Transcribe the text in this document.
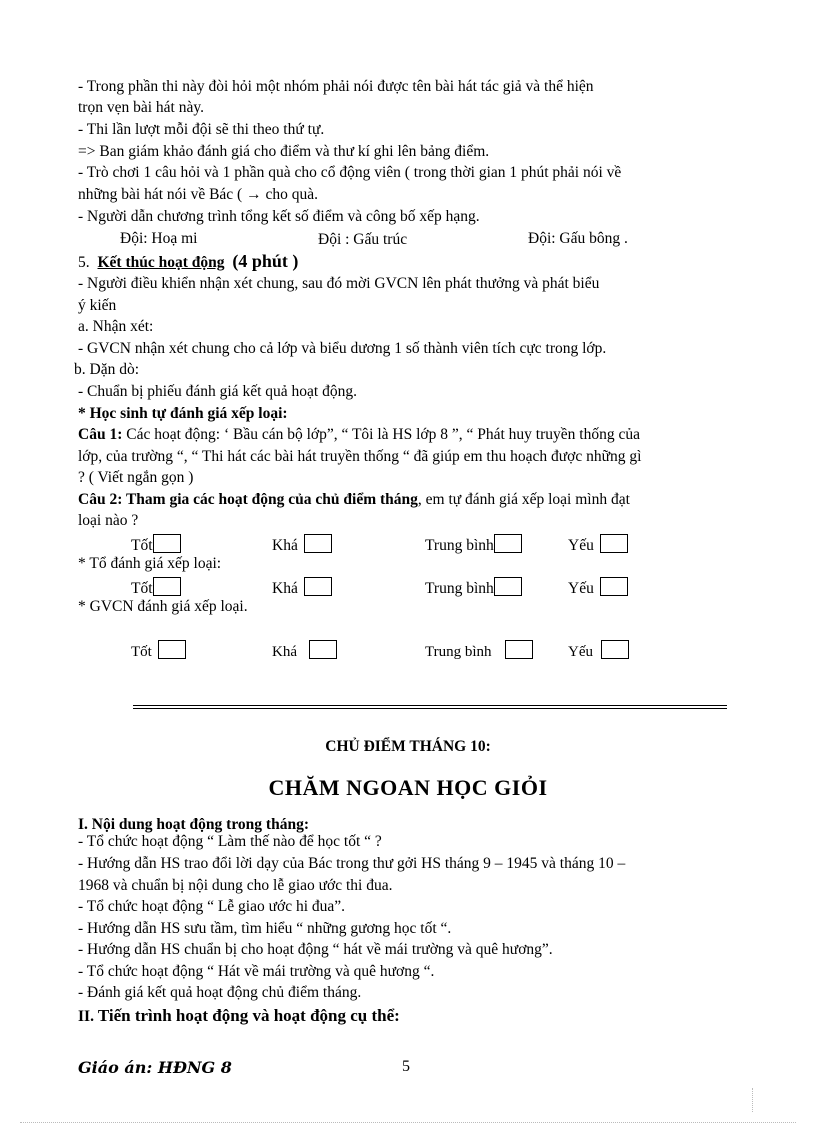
- Trong phần thi này đòi hỏi một nhóm phải nói được tên bài hát tác giả và thể hiện
trọn vẹn bài hát này.
- Thi lần lượt mỗi đội sẽ thi theo thứ tự.
=> Ban giám khảo đánh giá cho điểm và thư kí ghi lên bảng điểm.
- Trò chơi 1 câu hỏi và 1 phần quà cho cổ động viên ( trong thời gian 1 phút phải nói về
những bài hát nói về Bác ( → cho quà.
- Người dẫn chương trình tổng kết số điểm và công bố xếp hạng.
Đội: Hoạ mi	Đội : Gấu trúc	Đội: Gấu bông .
5. Kết thúc hoạt động (4 phút )
- Người điều khiển nhận xét chung, sau đó mời GVCN lên phát thưởng và phát biểu
ý kiến
a. Nhận xét:
- GVCN nhận xét chung cho cả lớp và biểu dương 1 số thành viên tích cực trong lớp.
b. Dặn dò:
- Chuẩn bị phiếu đánh giá kết quả hoạt động.
* Học sinh tự đánh giá xếp loại:
Câu 1: Các hoạt động: ‘ Bầu cán bộ lớp”, “ Tôi là HS lớp 8 ”, “ Phát huy truyền thống của
lớp, của trường “, “ Thi hát các bài hát truyền thống “ đã giúp em thu hoạch được những gì
? ( Viết ngắn gọn )
Câu 2: Tham gia các hoạt động của chủ điểm tháng, em tự đánh giá xếp loại mình đạt
loại nào ?
Tốt	Khá	Trung bình	Yếu
* Tổ đánh giá xếp loại:
Tốt	Khá	Trung bình	Yếu
* GVCN đánh giá xếp loại.
Tốt	Khá	Trung bình	Yếu
CHỦ ĐIỂM THÁNG 10:
CHĂM NGOAN HỌC GIỎI
I. Nội dung hoạt động trong tháng:
- Tổ chức hoạt động “ Làm thế nào để học tốt “ ?
- Hướng dẫn HS trao đổi lời dạy của Bác trong thư gởi HS tháng 9 – 1945 và tháng 10 –
1968 và chuẩn bị nội dung cho lễ giao ước thi đua.
- Tổ chức hoạt động “ Lễ giao ước hi đua”.
- Hướng dẫn HS sưu tầm, tìm hiểu “ những gương học tốt “.
- Hướng dẫn HS chuẩn bị cho hoạt động “ hát về mái trường và quê hương”.
- Tổ chức hoạt động “ Hát về mái trường và quê hương “.
- Đánh giá kết quả hoạt động chủ điểm tháng.
II. Tiến trình hoạt động và hoạt động cụ thể:
Giáo án: HĐNG 8	5
